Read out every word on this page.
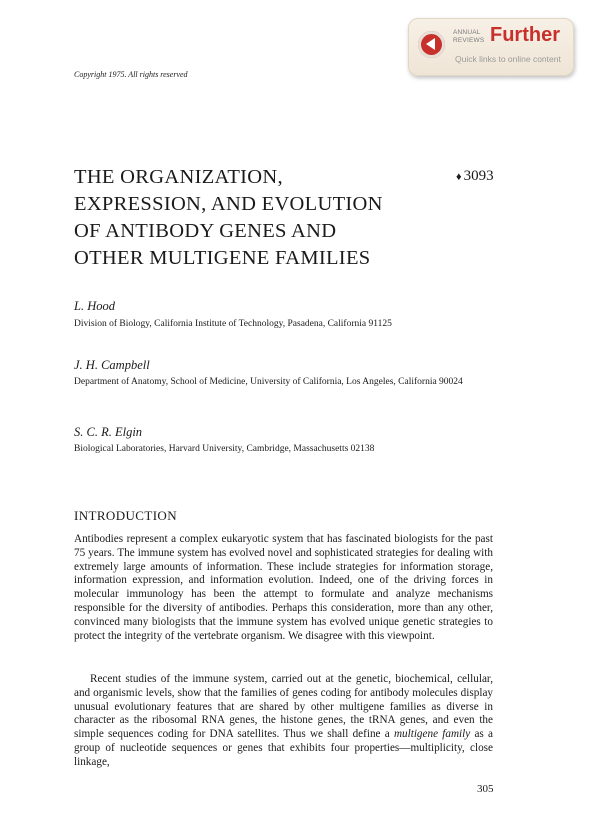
ANNUAL
REVIEWS Further
Quick links to online content
Copyright 1975. All rights reserved
THE ORGANIZATION,
EXPRESSION, AND EVOLUTION
OF ANTIBODY GENES AND
OTHER MULTIGENE FAMILIES
♦ 3093
L. Hood
Division of Biology, California Institute of Technology, Pasadena, California 91125
J. H. Campbell
Department of Anatomy, School of Medicine, University of California, Los Angeles, California 90024
S. C. R. Elgin
Biological Laboratories, Harvard University, Cambridge, Massachusetts 02138
INTRODUCTION

Antibodies represent a complex eukaryotic system that has fascinated biologists for the past 75 years. The immune system has evolved novel and sophisticated strategies for dealing with extremely large amounts of information. These include strategies for information storage, information expression, and information evolution. Indeed, one of the driving forces in molecular immunology has been the attempt to formulate and analyze mechanisms responsible for the diversity of antibodies. Perhaps this consideration, more than any other, convinced many biologists that the immune system has evolved unique genetic strategies to protect the integrity of the vertebrate organism. We disagree with this viewpoint.

Recent studies of the immune system, carried out at the genetic, biochemical, cellular, and organismic levels, show that the families of genes coding for antibody molecules display unusual evolutionary features that are shared by other multigene families as diverse in character as the ribosomal RNA genes, the histone genes, the tRNA genes, and even the simple sequences coding for DNA satellites. Thus we shall define a multigene family as a group of nucleotide sequences or genes that exhibits four properties—multiplicity, close linkage,

305
